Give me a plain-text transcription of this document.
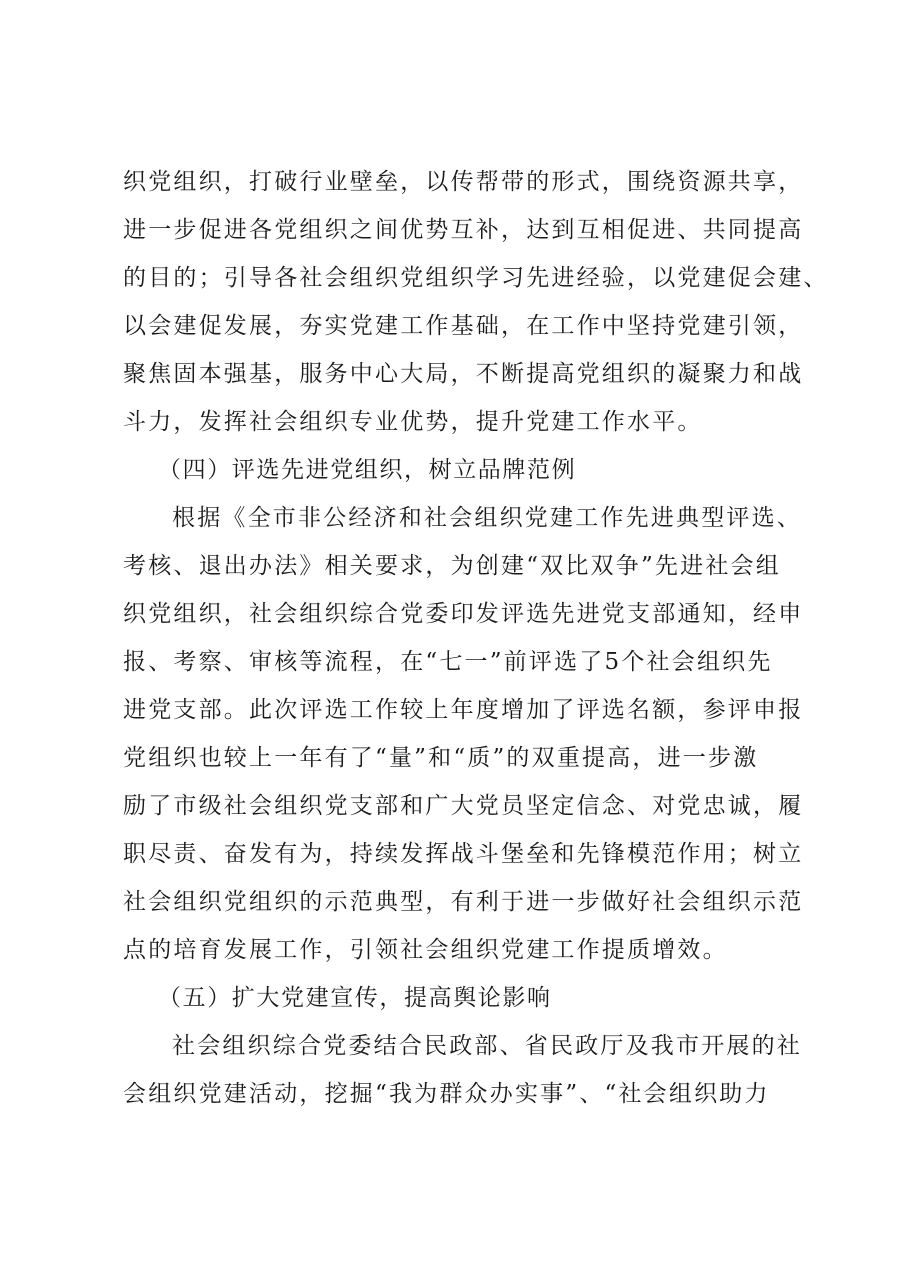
织党组织，打破行业壁垒，以传帮带的形式，围绕资源共享，
进一步促进各党组织之间优势互补，达到互相促进、共同提高
的目的；引导各社会组织党组织学习先进经验，以党建促会建、
以会建促发展，夯实党建工作基础，在工作中坚持党建引领，
聚焦固本强基，服务中心大局，不断提高党组织的凝聚力和战
斗力，发挥社会组织专业优势，提升党建工作水平。
（四）评选先进党组织，树立品牌范例
根据《全市非公经济和社会组织党建工作先进典型评选、
考核、退出办法》相关要求，为创建“双比双争”先进社会组
织党组织，社会组织综合党委印发评选先进党支部通知，经申
报、考察、审核等流程，在“七一”前评选了5个社会组织先
进党支部。此次评选工作较上年度增加了评选名额，参评申报
党组织也较上一年有了“量”和“质”的双重提高，进一步激
励了市级社会组织党支部和广大党员坚定信念、对党忠诚，履
职尽责、奋发有为，持续发挥战斗堡垒和先锋模范作用；树立
社会组织党组织的示范典型，有利于进一步做好社会组织示范
点的培育发展工作，引领社会组织党建工作提质增效。
（五）扩大党建宣传，提高舆论影响
社会组织综合党委结合民政部、省民政厅及我市开展的社
会组织党建活动，挖掘“我为群众办实事”、“社会组织助力
